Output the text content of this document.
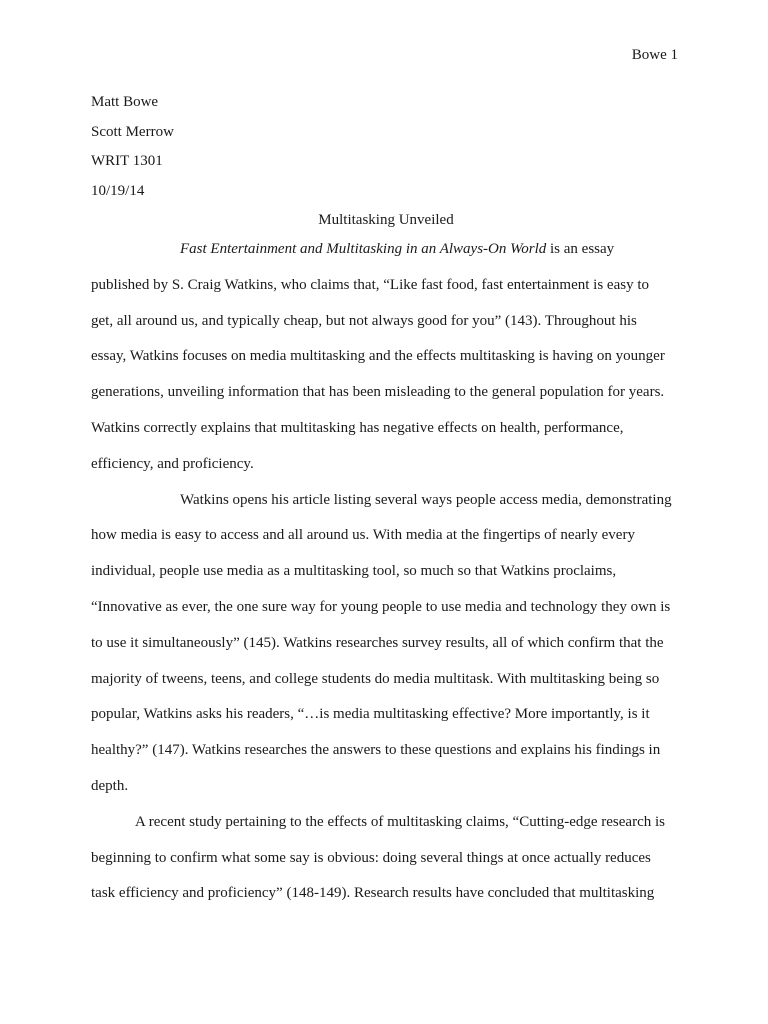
Bowe 1
Matt Bowe
Scott Merrow
WRIT 1301
10/19/14
Multitasking Unveiled
Fast Entertainment and Multitasking in an Always-On World is an essay
published by S. Craig Watkins, who claims that, “Like fast food, fast entertainment is easy to
get, all around us, and typically cheap, but not always good for you” (143). Throughout his
essay, Watkins focuses on media multitasking and the effects multitasking is having on younger
generations, unveiling information that has been misleading to the general population for years.
Watkins correctly explains that multitasking has negative effects on health, performance,
efficiency, and proficiency.
Watkins opens his article listing several ways people access media, demonstrating
how media is easy to access and all around us. With media at the fingertips of nearly every
individual, people use media as a multitasking tool, so much so that Watkins proclaims,
“Innovative as ever, the one sure way for young people to use media and technology they own is
to use it simultaneously” (145). Watkins researches survey results, all of which confirm that the
majority of tweens, teens, and college students do media multitask. With multitasking being so
popular, Watkins asks his readers, “…is media multitasking effective? More importantly, is it
healthy?” (147). Watkins researches the answers to these questions and explains his findings in
depth.
A recent study pertaining to the effects of multitasking claims, “Cutting-edge research is
beginning to confirm what some say is obvious: doing several things at once actually reduces
task efficiency and proficiency” (148-149). Research results have concluded that multitasking
